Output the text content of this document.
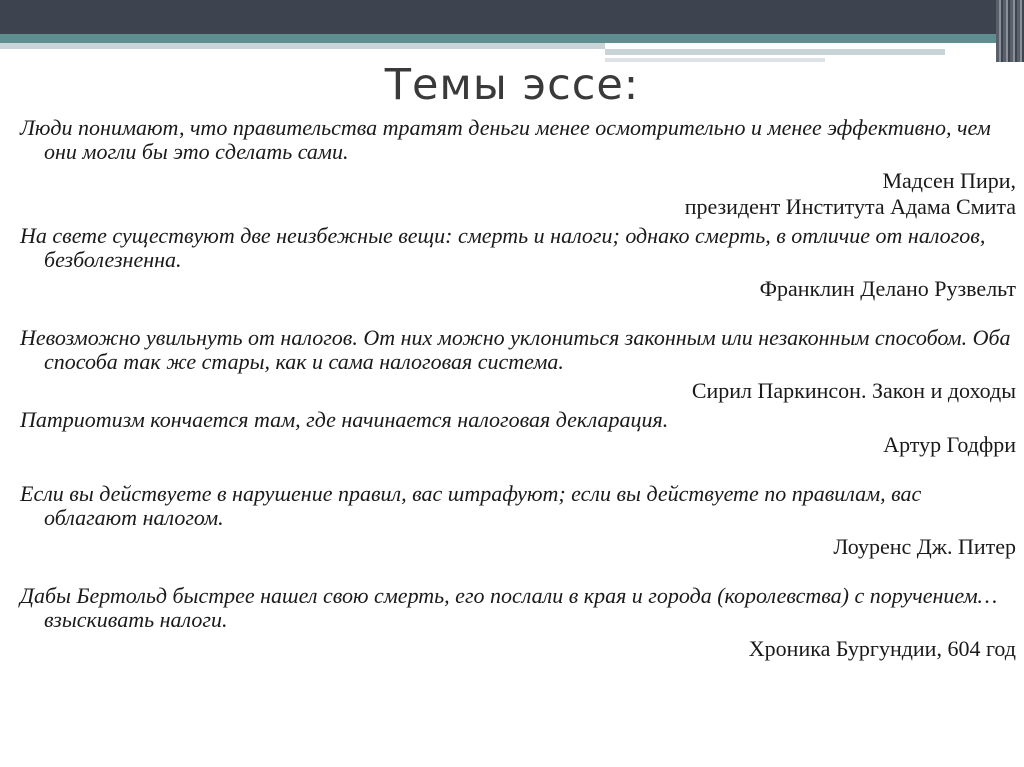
Темы эссе:

Люди понимают, что правительства тратят деньги менее осмотрительно и менее эффективно, чем они могли бы это сделать сами.

Мадсен Пири,

президент Института Адама Смита

На свете существуют две неизбежные вещи: смерть и налоги; однако смерть, в отличие от налогов, безболезненна.

Франклин Делано Рузвельт

Невозможно увильнуть от налогов. От них можно уклониться законным или незаконным способом. Оба способа так же стары, как и сама налоговая система.

Сирил Паркинсон. Закон и доходы

Патриотизм кончается там, где начинается налоговая декларация.

Артур Годфри

Если вы действуете в нарушение правил, вас штрафуют; если вы действуете по правилам, вас облагают налогом.

Лоуренс Дж. Питер

Дабы Бертольд быстрее нашел свою смерть, его послали в края и города (королевства) с поручением… взыскивать налоги.

Хроника Бургундии, 604 год
